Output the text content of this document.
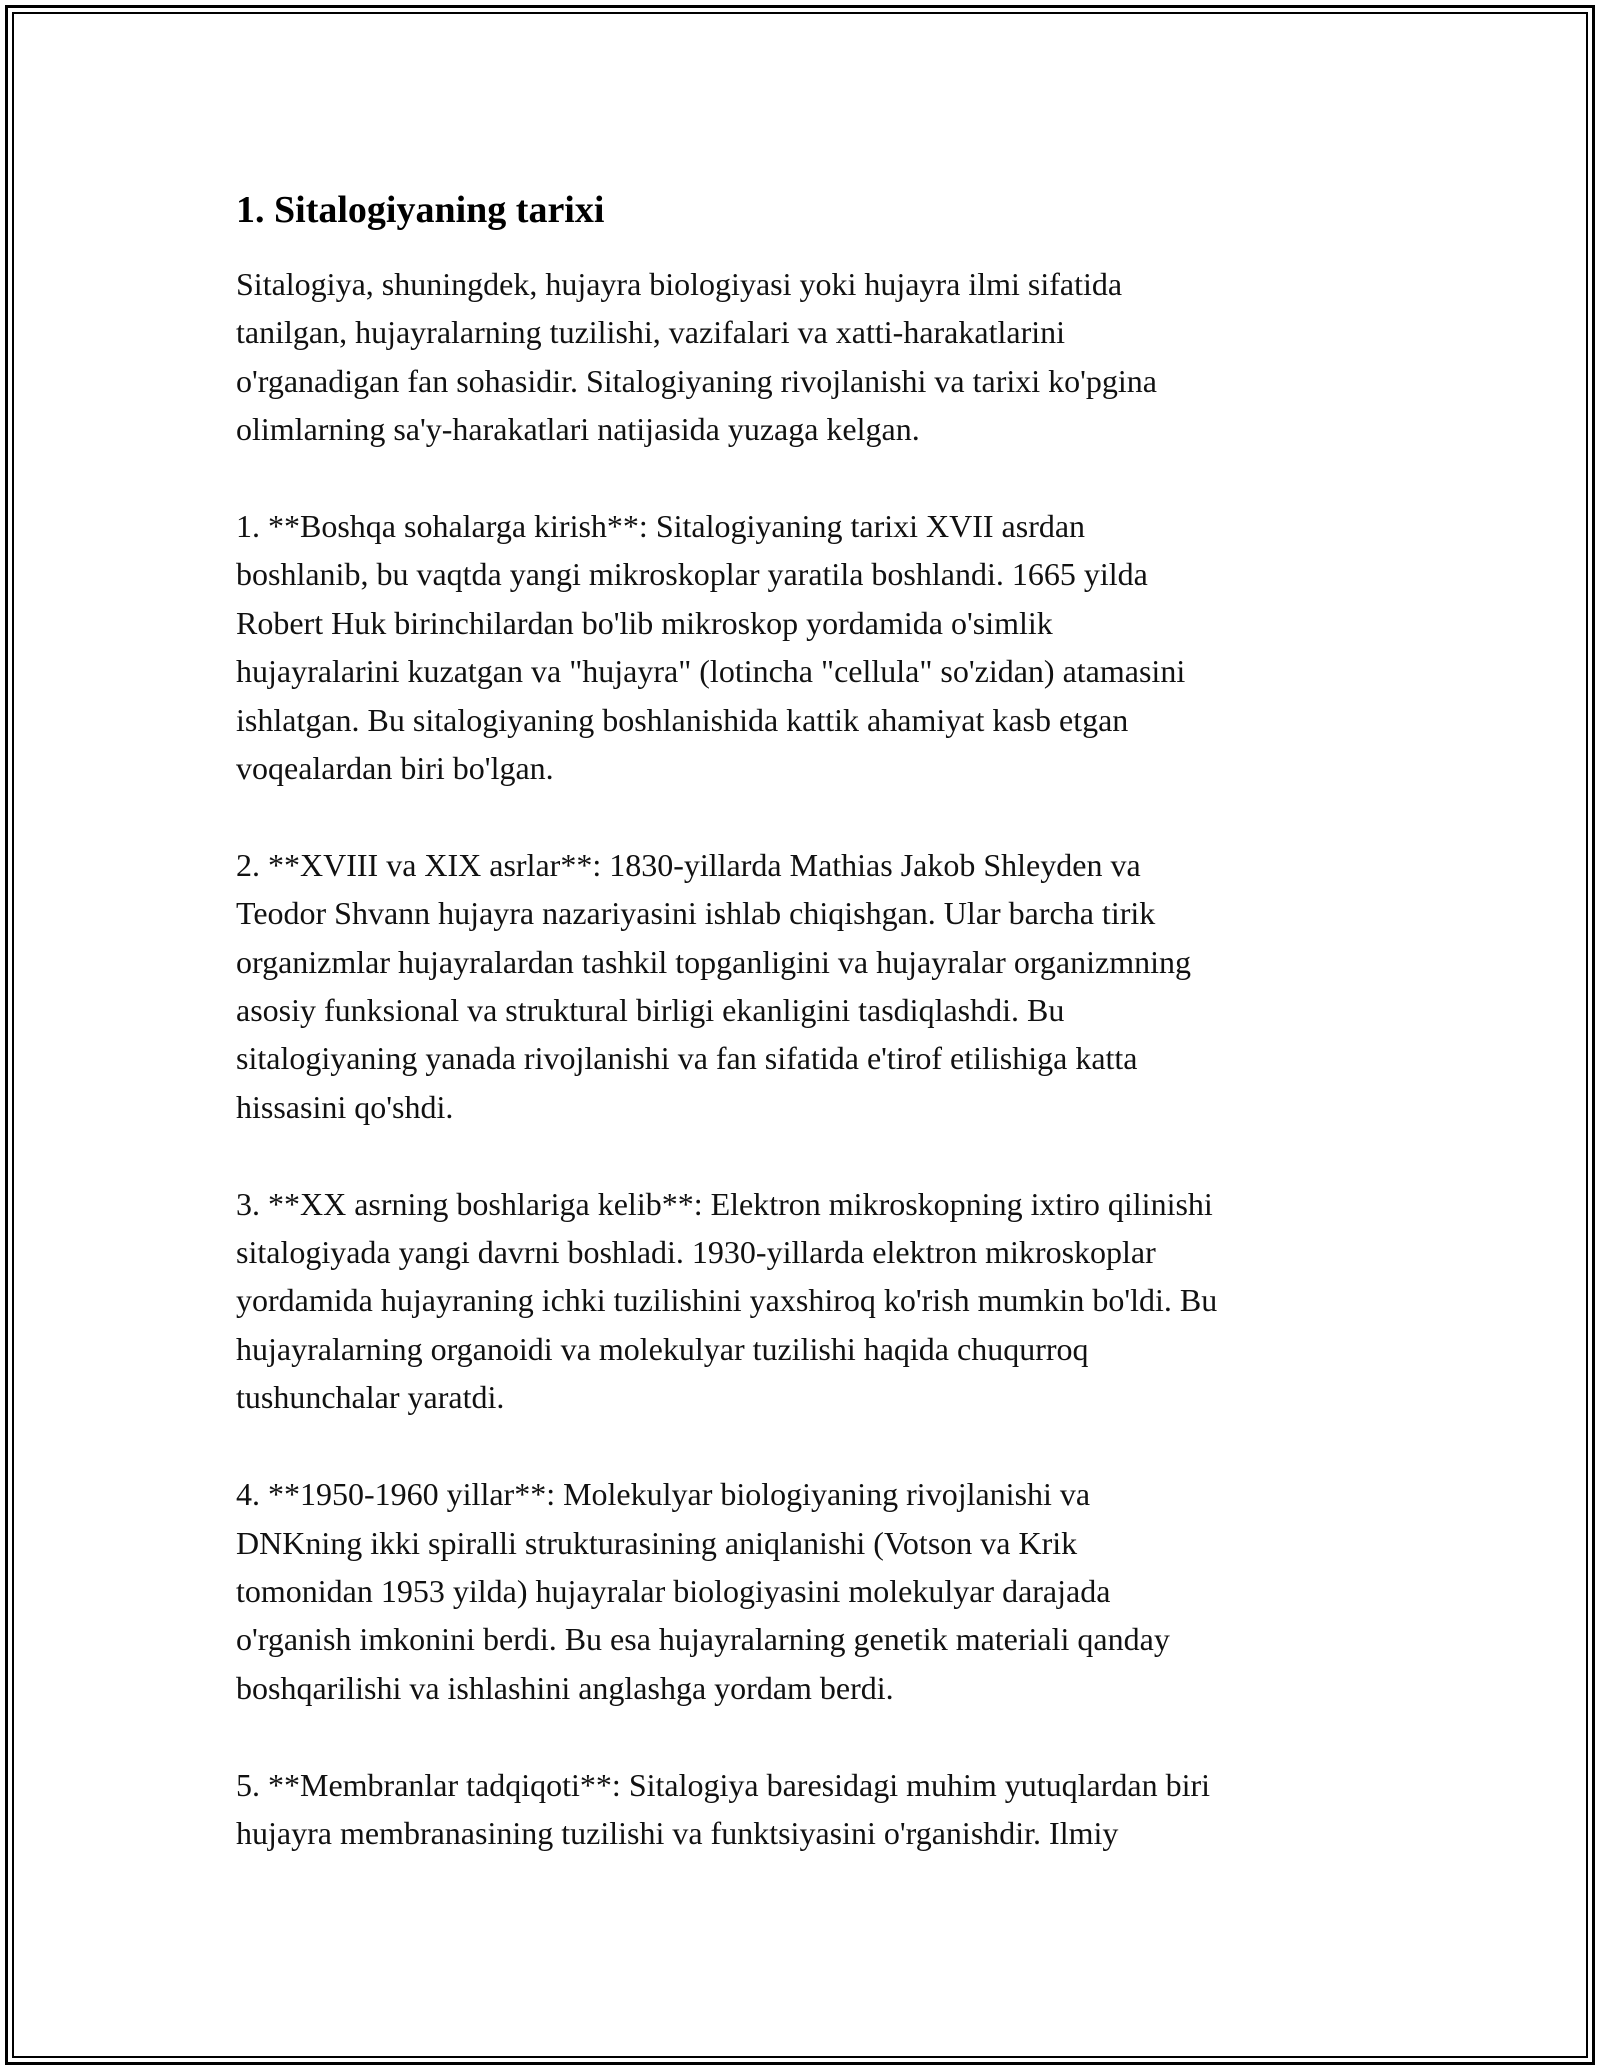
1. Sitalogiyaning tarixi
Sitalogiya, shuningdek, hujayra biologiyasi yoki hujayra ilmi sifatida
tanilgan, hujayralarning tuzilishi, vazifalari va xatti-harakatlarini
o'rganadigan fan sohasidir. Sitalogiyaning rivojlanishi va tarixi ko'pgina
olimlarning sa'y-harakatlari natijasida yuzaga kelgan.
1. **Boshqa sohalarga kirish**: Sitalogiyaning tarixi XVII asrdan
boshlanib, bu vaqtda yangi mikroskoplar yaratila boshlandi. 1665 yilda
Robert Huk birinchilardan bo'lib mikroskop yordamida o'simlik
hujayralarini kuzatgan va "hujayra" (lotincha "cellula" so'zidan) atamasini
ishlatgan. Bu sitalogiyaning boshlanishida kattik ahamiyat kasb etgan
voqealardan biri bo'lgan.
2. **XVIII va XIX asrlar**: 1830-yillarda Mathias Jakob Shleyden va
Teodor Shvann hujayra nazariyasini ishlab chiqishgan. Ular barcha tirik
organizmlar hujayralardan tashkil topganligini va hujayralar organizmning
asosiy funksional va struktural birligi ekanligini tasdiqlashdi. Bu
sitalogiyaning yanada rivojlanishi va fan sifatida e'tirof etilishiga katta
hissasini qo'shdi.
3. **XX asrning boshlariga kelib**: Elektron mikroskopning ixtiro qilinishi
sitalogiyada yangi davrni boshladi. 1930-yillarda elektron mikroskoplar
yordamida hujayraning ichki tuzilishini yaxshiroq ko'rish mumkin bo'ldi. Bu
hujayralarning organoidi va molekulyar tuzilishi haqida chuqurroq
tushunchalar yaratdi.
4. **1950-1960 yillar**: Molekulyar biologiyaning rivojlanishi va
DNKning ikki spiralli strukturasining aniqlanishi (Votson va Krik
tomonidan 1953 yilda) hujayralar biologiyasini molekulyar darajada
o'rganish imkonini berdi. Bu esa hujayralarning genetik materiali qanday
boshqarilishi va ishlashini anglashga yordam berdi.
5. **Membranlar tadqiqoti**: Sitalogiya baresidagi muhim yutuqlardan biri
hujayra membranasining tuzilishi va funktsiyasini o'rganishdir. Ilmiy
